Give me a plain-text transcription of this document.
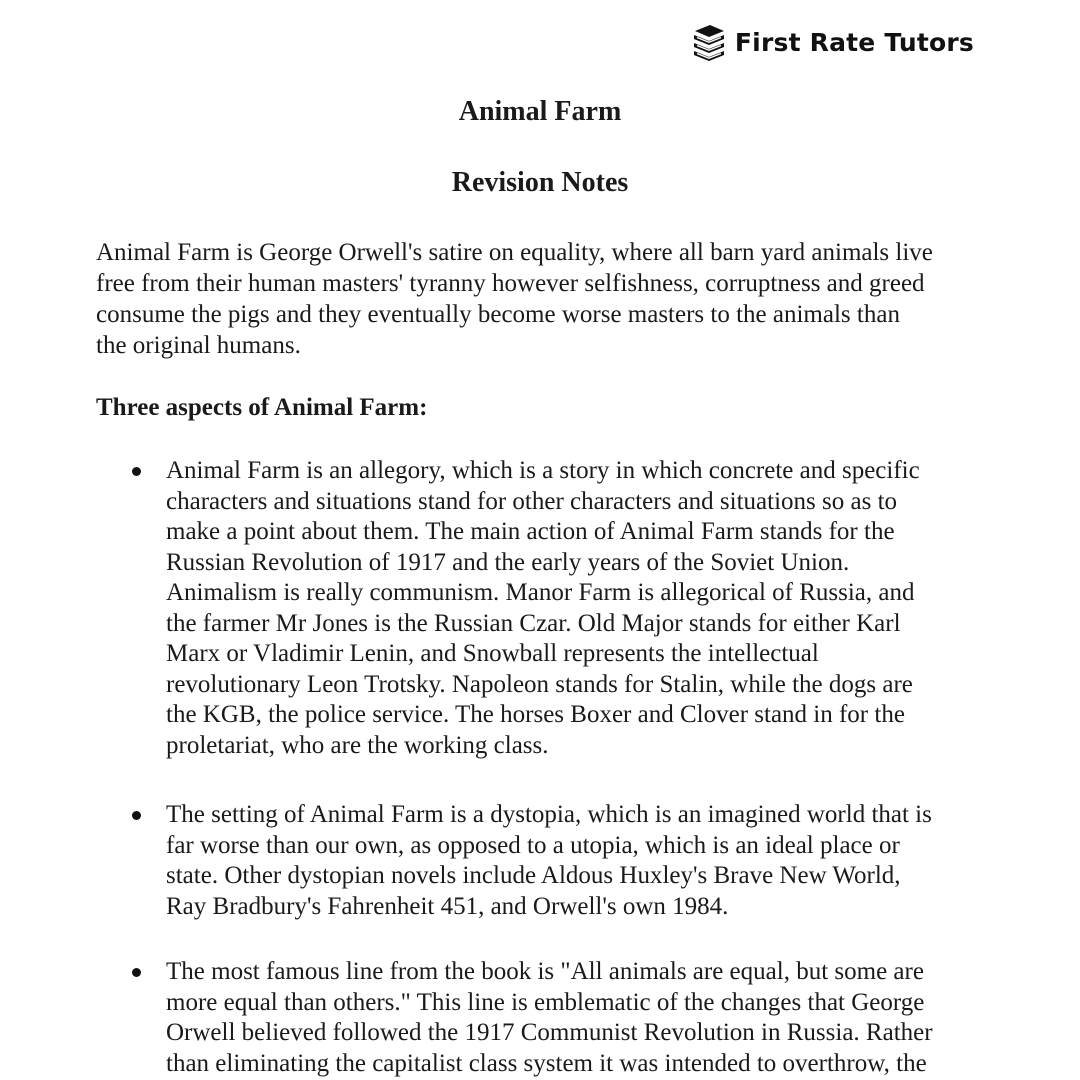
First Rate Tutors
Animal Farm
Revision Notes

Animal Farm is George Orwell's satire on equality, where all barn yard animals live
free from their human masters' tyranny however selfishness, corruptness and greed
consume the pigs and they eventually become worse masters to the animals than
the original humans.

Three aspects of Animal Farm:
Animal Farm is an allegory, which is a story in which concrete and specific
characters and situations stand for other characters and situations so as to
make a point about them. The main action of Animal Farm stands for the
Russian Revolution of 1917 and the early years of the Soviet Union.
Animalism is really communism. Manor Farm is allegorical of Russia, and
the farmer Mr Jones is the Russian Czar. Old Major stands for either Karl
Marx or Vladimir Lenin, and Snowball represents the intellectual
revolutionary Leon Trotsky. Napoleon stands for Stalin, while the dogs are
the KGB, the police service. The horses Boxer and Clover stand in for the
proletariat, who are the working class.
The setting of Animal Farm is a dystopia, which is an imagined world that is
far worse than our own, as opposed to a utopia, which is an ideal place or
state. Other dystopian novels include Aldous Huxley's Brave New World,
Ray Bradbury's Fahrenheit 451, and Orwell's own 1984.
The most famous line from the book is "All animals are equal, but some are
more equal than others." This line is emblematic of the changes that George
Orwell believed followed the 1917 Communist Revolution in Russia. Rather
than eliminating the capitalist class system it was intended to overthrow, the
